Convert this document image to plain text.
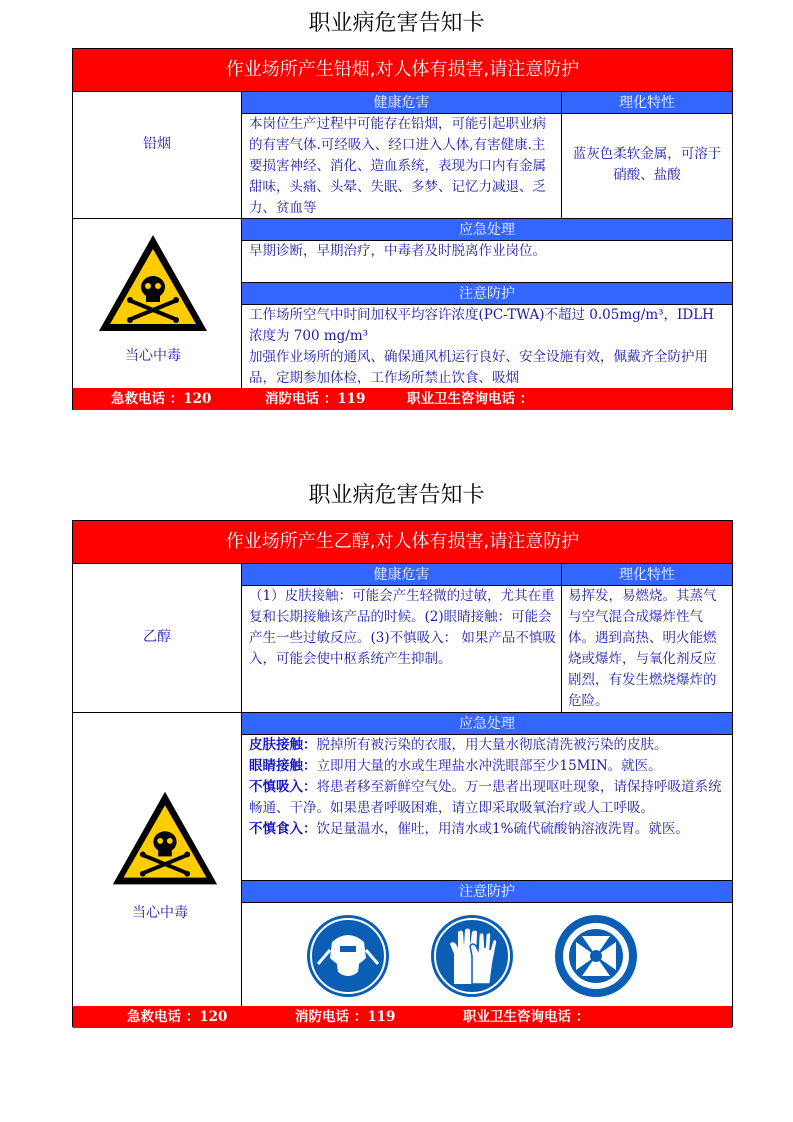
职业病危害告知卡
作业场所产生铅烟,对人体有损害,请注意防护
铅烟
健康危害	理化特性
本岗位生产过程中可能存在铅烟，可能引起职业病的有害气体.可经吸入、经口进入人体,有害健康.主要损害神经、消化、造血系统，表现为口内有金属甜味，头痛、头晕、失眠、多梦、记忆力减退、乏力、贫血等
蓝灰色柔软金属，可溶于硝酸、盐酸
当心中毒
应急处理
早期诊断，早期治疗，中毒者及时脱离作业岗位。
注意防护
工作场所空气中时间加权平均容许浓度(PC-TWA)不超过 0.05mg/m³，IDLH 浓度为 700 mg/m³
加强作业场所的通风、确保通风机运行良好、安全设施有效，佩戴齐全防护用品，定期参加体检，工作场所禁止饮食、吸烟

急救电话 ：120

	消防电话 ：119

	职业卫生咨询电话 ：

职业病危害告知卡
作业场所产生乙醇,对人体有损害,请注意防护
乙醇
健康危害	理化特性
（1）皮肤接触：可能会产生轻微的过敏，尤其在重复和长期接触该产品的时候。(2)眼睛接触：可能会产生一些过敏反应。(3)不慎吸入： 如果产品不慎吸入，可能会使中枢系统产生抑制。
易挥发，易燃烧。其蒸气与空气混合成爆炸性气体。遇到高热、明火能燃烧或爆炸，与氧化剂反应剧烈，有发生燃烧爆炸的危险。
当心中毒
应急处理
皮肤接触：脱掉所有被污染的衣服，用大量水彻底清洗被污染的皮肤。
眼睛接触：立即用大量的水或生理盐水冲洗眼部至少15MIN。就医。
不慎吸入：将患者移至新鲜空气处。万一患者出现呕吐现象，请保持呼吸道系统畅通、干净。如果患者呼吸困难，请立即采取吸氧治疗或人工呼吸。
不慎食入：饮足量温水，催吐，用清水或1%硫代硫酸钠溶液洗胃。就医。
注意防护

急救电话 ：120

	消防电话 ：119

	职业卫生咨询电话 ：
